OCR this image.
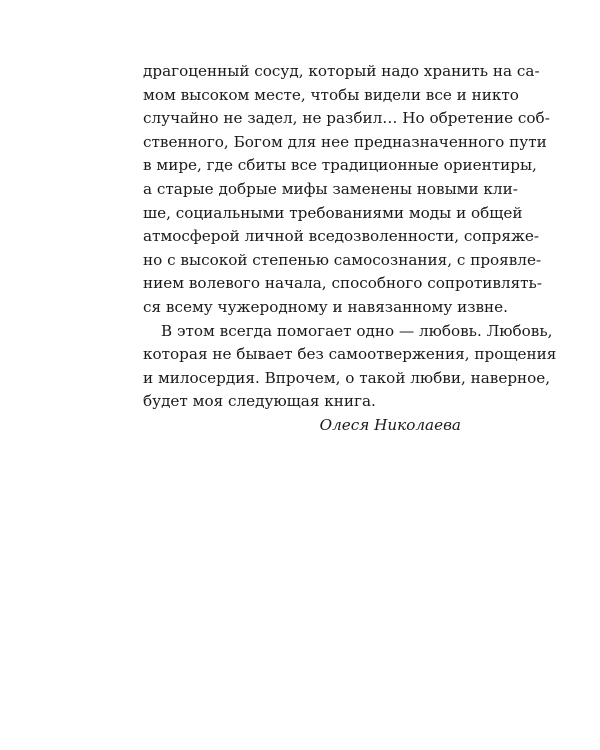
драгоценный сосуд, который надо хранить на са-
мом высоком месте, чтобы видели все и никто
случайно не задел, не разбил… Но обретение соб-
ственного, Богом для нее предназначенного пути
в мире, где сбиты все традиционные ориентиры,
а старые добрые мифы заменены новыми кли-
ше, социальными требованиями моды и общей
атмосферой личной вседозволенности, сопряже-
но с высокой степенью самосознания, с проявле-
нием волевого начала, способного сопротивлять-
ся всему чужеродному и навязанному извне.
В этом всегда помогает одно — любовь. Любовь,
которая не бывает без самоотвержения, прощения
и милосердия. Впрочем, о такой любви, наверное,
будет моя следующая книга.
Олеся Николаева
